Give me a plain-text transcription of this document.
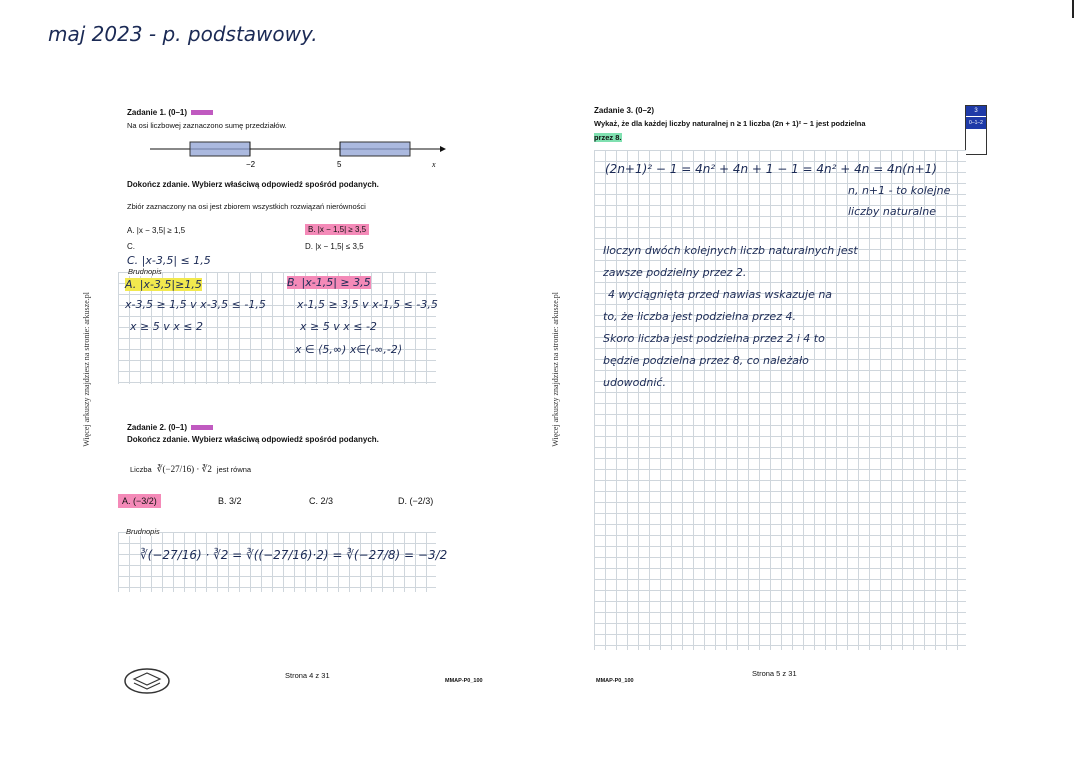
maj 2023 - p. podstawowy.
Więcej arkuszy znajdziesz na stronie: arkusze.pl
Zadanie 1. (0–1)
Na osi liczbowej zaznaczono sumę przedziałów.
−2	5	x
Dokończ zdanie. Wybierz właściwą odpowiedź spośród podanych.
Zbiór zaznaczony na osi jest zbiorem wszystkich rozwiązań nierówności
A. |x − 3,5| ≥ 1,5	B. |x − 1,5| ≥ 3,5
C.	D. |x − 1,5| ≤ 3,5
C. |x-3,5| ≤ 1,5
Brudnopis
A. |x-3,5|≥1,5
x-3,5 ≥ 1,5 v x-3,5 ≤ -1,5
x ≥ 5 v x ≤ 2
B. |x-1,5| ≥ 3,5
x-1,5 ≥ 3,5 v x-1,5 ≤ -3,5
x ≥ 5 v x ≤ -2
x ∈ ⟨5,∞) x∈(-∞,-2⟩
Zadanie 2. (0–1)
Dokończ zdanie. Wybierz właściwą odpowiedź spośród podanych.
Liczba ∛(−27/16) · ∛2 jest równa
A. (−3/2)	B. 3/2	C. 2/3	D. (−2/3)
Brudnopis
∛(−27/16) · ∛2 = ∛((−27/16)·2) = ∛(−27/8) = −3/2
Strona 4 z 31
MMAP-P0_100
Więcej arkuszy znajdziesz na stronie: arkusze.pl
Zadanie 3. (0–2)
Wykaż, że dla każdej liczby naturalnej n ≥ 1 liczba (2n + 1)² − 1 jest podzielna
przez 8.
3
0–1–2
(2n+1)² − 1 = 4n² + 4n + 1 − 1 = 4n² + 4n = 4n(n+1)
n, n+1 - to kolejne
liczby naturalne
Iloczyn dwóch kolejnych liczb naturalnych jest
zawsze podzielny przez 2.
4 wyciągnięta przed nawias wskazuje na
to, że liczba jest podzielna przez 4.
Skoro liczba jest podzielna przez 2 i 4 to
będzie podzielna przez 8, co należało
udowodnić.
Strona 5 z 31
MMAP-P0_100
